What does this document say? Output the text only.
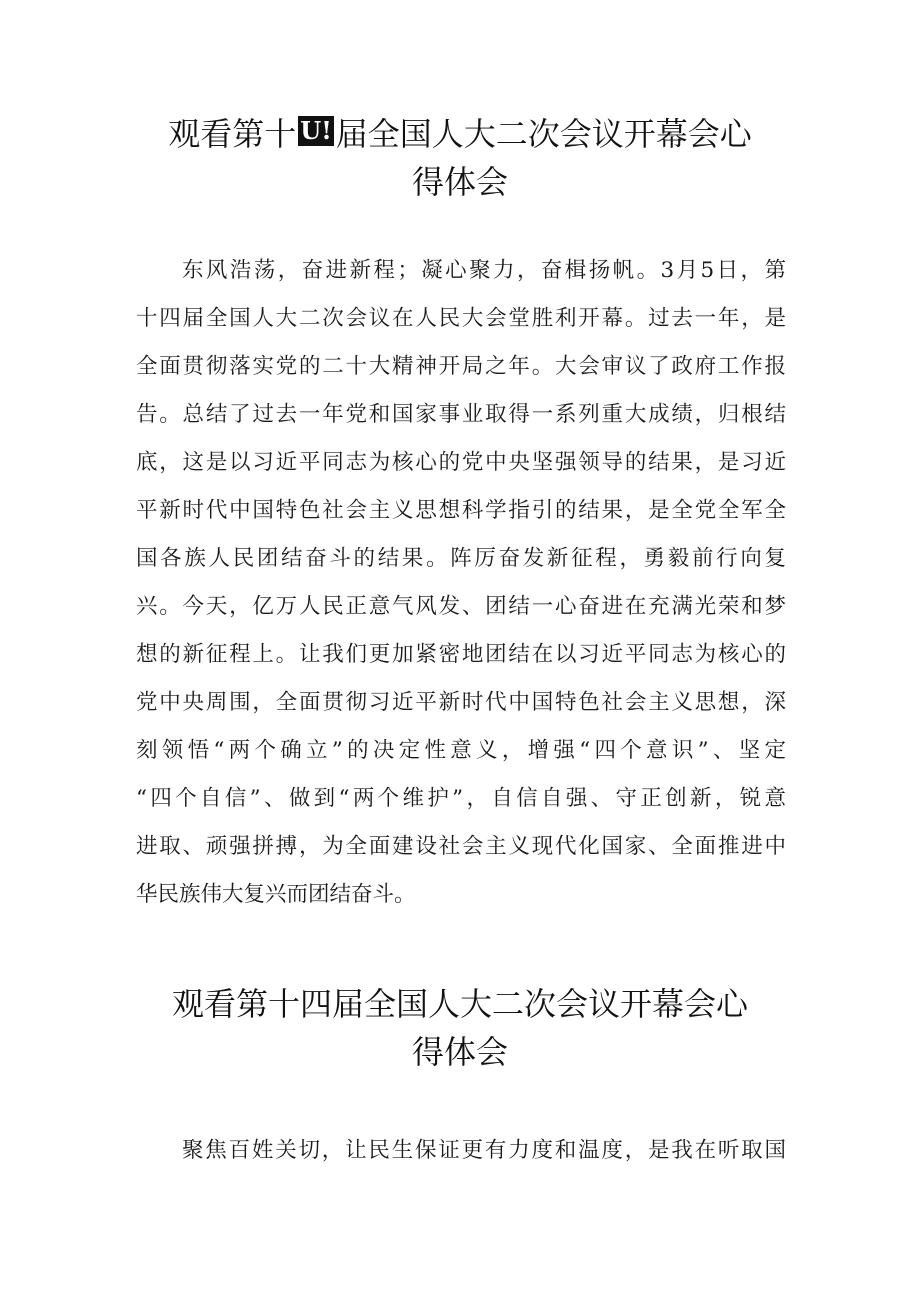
观看第十 U! 届全国人大二次会议开幕会心
得体会
东风浩荡，奋进新程；凝心聚力，奋楫扬帆。3月5日，第
十四届全国人大二次会议在人民大会堂胜利开幕。过去一年，是
全面贯彻落实党的二十大精神开局之年。大会审议了政府工作报
告。总结了过去一年党和国家事业取得一系列重大成绩，归根结
底，这是以习近平同志为核心的党中央坚强领导的结果，是习近
平新时代中国特色社会主义思想科学指引的结果，是全党全军全
国各族人民团结奋斗的结果。阵厉奋发新征程，勇毅前行向复
兴。今天，亿万人民正意气风发、团结一心奋进在充满光荣和梦
想的新征程上。让我们更加紧密地团结在以习近平同志为核心的
党中央周围，全面贯彻习近平新时代中国特色社会主义思想，深
刻领悟“两个确立”的决定性意义，增强“四个意识”、坚定
“四个自信”、做到“两个维护”，自信自强、守正创新，锐意
进取、顽强拼搏，为全面建设社会主义现代化国家、全面推进中
华民族伟大复兴而团结奋斗。
观看第十四届全国人大二次会议开幕会心
得体会
聚焦百姓关切，让民生保证更有力度和温度，是我在听取国
